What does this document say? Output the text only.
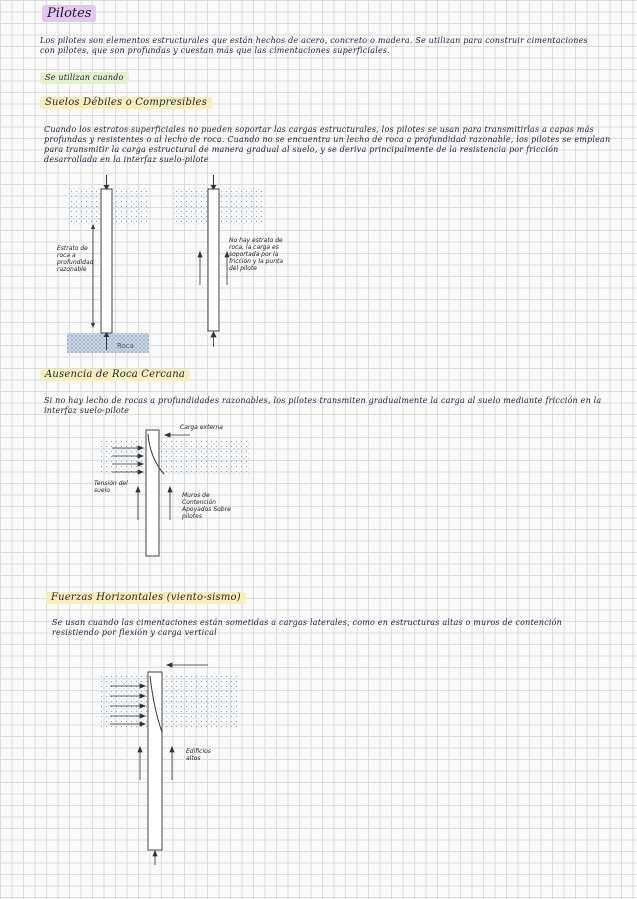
Pilotes
Los pilotes son elementos estructurales que están hechos de acero, concreto o madera. Se utilizan para construir cimentaciones con pilotes, que son profundas y cuestan más que las cimentaciones superficiales.
Se utilizan cuando
Suelos Débiles o Compresibles
Cuando los estratos superficiales no pueden soportar las cargas estructurales, los pilotes se usan para transmitirlas a capas más profundas y resistentes o al lecho de roca. Cuando no se encuentra un lecho de roca a profundidad razonable, los pilotes se emplean para transmitir la carga estructural de manera gradual al suelo, y se deriva principalmente de la resistencia por fricción desarrollada en la interfaz suelo-pilote
Estrato de roca a profundidad razonable
No hay estrato de roca, la carga es soportada por la fricción y la punta del pilote
Roca
Ausencia de Roca Cercana
Si no hay lecho de rocas a profundidades razonables, los pilotes transmiten gradualmente la carga al suelo mediante fricción en la interfaz suelo-pilote
Carga externa
Tensión del suelo
Muros de Contención Apoyados Sobre pilotes
Fuerzas Horizontales (viento-sismo)
Se usan cuando las cimentaciones están sometidas a cargas laterales, como en estructuras altas o muros de contención resistiendo por flexión y carga vertical
Edificios altos
